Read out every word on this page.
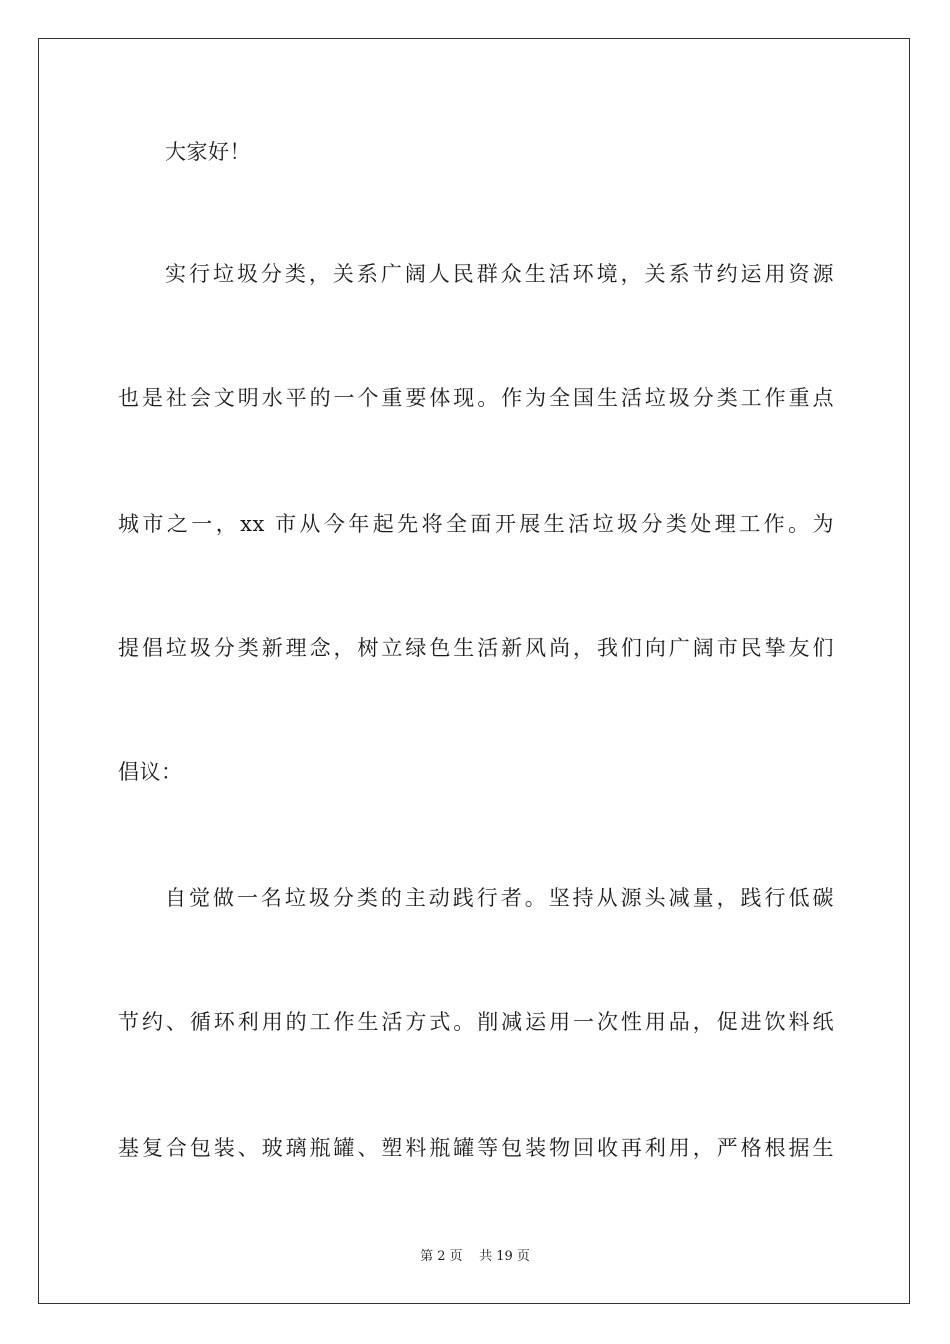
大家好！
实行垃圾分类，关系广阔人民群众生活环境，关系节约运用资源
也是社会文明水平的一个重要体现。作为全国生活垃圾分类工作重点
城市之一，xx 市从今年起先将全面开展生活垃圾分类处理工作。为
提倡垃圾分类新理念，树立绿色生活新风尚，我们向广阔市民挚友们
倡议：
自觉做一名垃圾分类的主动践行者。坚持从源头减量，践行低碳
节约、循环利用的工作生活方式。削减运用一次性用品，促进饮料纸
基复合包装、玻璃瓶罐、塑料瓶罐等包装物回收再利用，严格根据生
第 2 页    共 19 页
